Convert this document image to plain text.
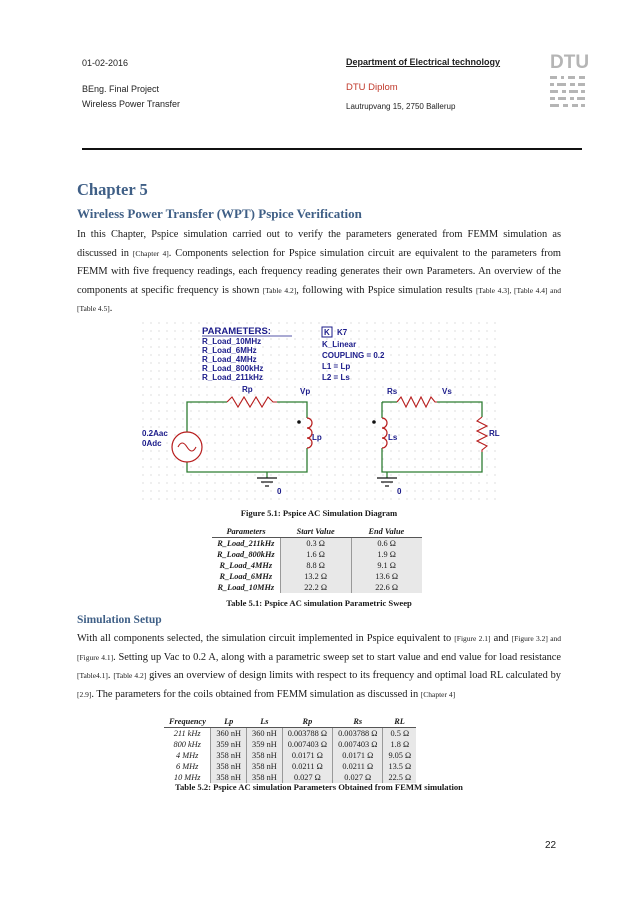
01-02-2016
BEng. Final Project
Wireless Power Transfer
Department of Electrical technology
DTU Diplom
Lautrupvang 15, 2750 Ballerup
DTU
Chapter 5
Wireless Power Transfer (WPT) Pspice Verification
In this Chapter, Pspice simulation carried out to verify the parameters generated from FEMM simulation as discussed in [Chapter 4]. Components selection for Pspice simulation circuit are equivalent to the parameters from FEMM with five frequency readings, each frequency reading generates their own Parameters. An overview of the components at specific frequency is shown [Table 4.2], following with Pspice simulation results [Table 4.3], [Table 4.4] and [Table 4.5].
PARAMETERS:
R_Load_10MHz
R_Load_6MHz
R_Load_4MHz
R_Load_800kHz
R_Load_211kHz
K K7
K_Linear
COUPLING = 0.2
L1 = Lp
L2 = Ls
Rp	Vp
Lp
Rs	Vs
Ls	RL
0.2Aac
0Adc
0	0
Figure 5.1: Pspice AC Simulation Diagram
Parameters	Start Value	End Value
R_Load_211kHz	0.3 Ω	0.6 Ω
R_Load_800kHz	1.6 Ω	1.9 Ω
R_Load_4MHz	8.8 Ω	9.1 Ω
R_Load_6MHz	13.2 Ω	13.6 Ω
R_Load_10MHz	22.2 Ω	22.6 Ω
Table 5.1: Pspice AC simulation Parametric Sweep
Simulation Setup
With all components selected, the simulation circuit implemented in Pspice equivalent to [Figure 2.1] and [Figure 3.2] and [Figure 4.1]. Setting up Vac to 0.2 A, along with a parametric sweep set to start value and end value for load resistance [Table4.1]. [Table 4.2] gives an overview of design limits with respect to its frequency and optimal load RL calculated by [2.9]. The parameters for the coils obtained from FEMM simulation as discussed in [Chapter 4]
Frequency	Lp	Ls	Rp	Rs	RL
211 kHz	360 nH	360 nH	0.003788 Ω	0.003788 Ω	0.5 Ω
800 kHz	359 nH	359 nH	0.007403 Ω	0.007403 Ω	1.8 Ω
4 MHz	358 nH	358 nH	0.0171 Ω	0.0171 Ω	9.05 Ω
6 MHz	358 nH	358 nH	0.0211 Ω	0.0211 Ω	13.5 Ω
10 MHz	358 nH	358 nH	0.027 Ω	0.027 Ω	22.5 Ω
Table 5.2: Pspice AC simulation Parameters Obtained from FEMM simulation
22
